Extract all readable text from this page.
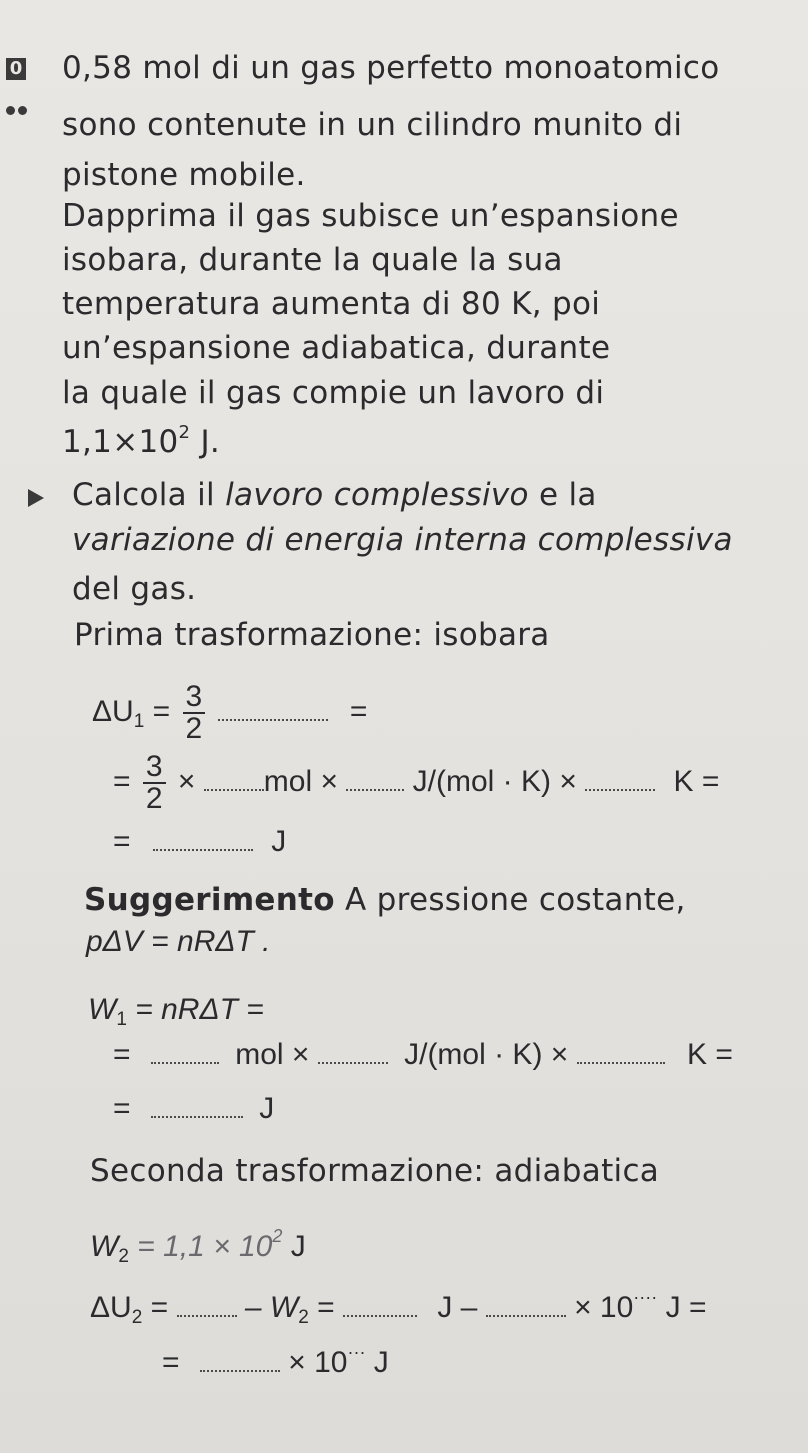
0 0,58 mol di un gas perfetto monoatomico
sono contenute in un cilindro munito di
pistone mobile.
Dapprima il gas subisce un’espansione
isobara, durante la quale la sua
temperatura aumenta di 80 K, poi
un’espansione adiabatica, durante
la quale il gas compie un lavoro di
$1,1\times 10^2$ J.
Calcola il lavoro complessivo e la
variazione di energia interna complessiva
del gas.
Prima trasformazione: isobara
$\Delta U_1 = \frac{3}{2}$	=
= $\frac{3}{2}$ × mol × J/(mol · K) ×	K =
=	J
Suggerimento A pressione costante,
pΔV = nRΔT .
$W_1 = nR\Delta T$ =
=	mol ×	J/(mol · K) ×	K =
=	J
Seconda trasformazione: adiabatica
$W_2 = 1,1 \times 10^2$ J
$\Delta U_2$ =	– $W_2$ =	J –	× 10···· J =
=	× 10··· J
